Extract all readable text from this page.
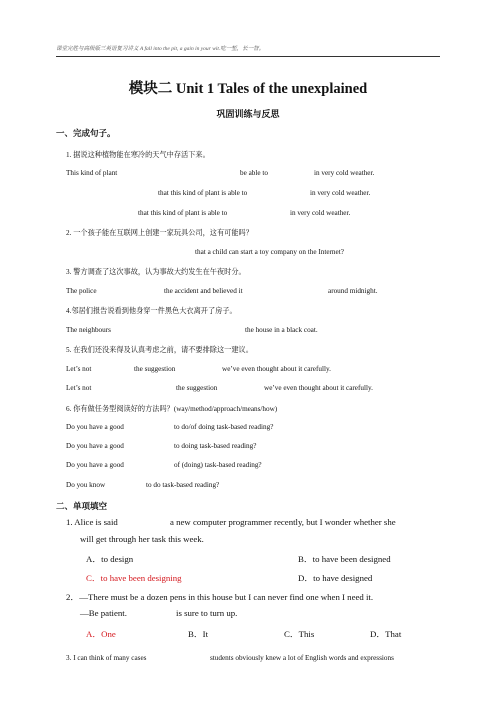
课堂完胜与高级版三英语复习讲义 A fall into the pit, a gain in your wit.吃一堑，长一智。
模块二 Unit 1 Tales of the unexplained
巩固训练与反思
一、完成句子。
1. 据说这种植物能在寒冷的天气中存活下来。
This kind of plant	be able to	in very cold weather.
that this kind of plant is able to	in very cold weather.
that this kind of plant is able to	in very cold weather.
2. 一个孩子能在互联网上创建一家玩具公司，这有可能吗？
that a child can start a toy company on the Internet?
3. 警方调查了这次事故，认为事故大约发生在午夜时分。
The police	the accident and believed it	around midnight.
4.邻居们报告说看到他身穿一件黑色大衣离开了房子。
The neighbours	the house in a black coat.
5. 在我们还没来得及认真考虑之前，请不要排除这一建议。
Let’s not	the suggestion	we’ve even thought about it carefully.
Let’s not	the suggestion	we’ve even thought about it carefully.
6. 你有做任务型阅读好的方法吗？(way/method/approach/means/how)
Do you have a good	to do/of doing task-based reading?
Do you have a good	to doing task-based reading?
Do you have a good	of (doing) task-based reading?
Do you know	to do task-based reading?
二、单项填空
1. Alice is said	a new computer programmer recently, but I wonder whether she
will get through her task this week.
A．to design	B．to have been designed
C．to have been designing	D．to have designed
2．—There must be a dozen pens in this house but I can never find one when I need it.
—Be patient.	is sure to turn up.
A．One	B．It	C．This	D．That
3. I can think of many cases	students obviously knew a lot of English words and expressions
